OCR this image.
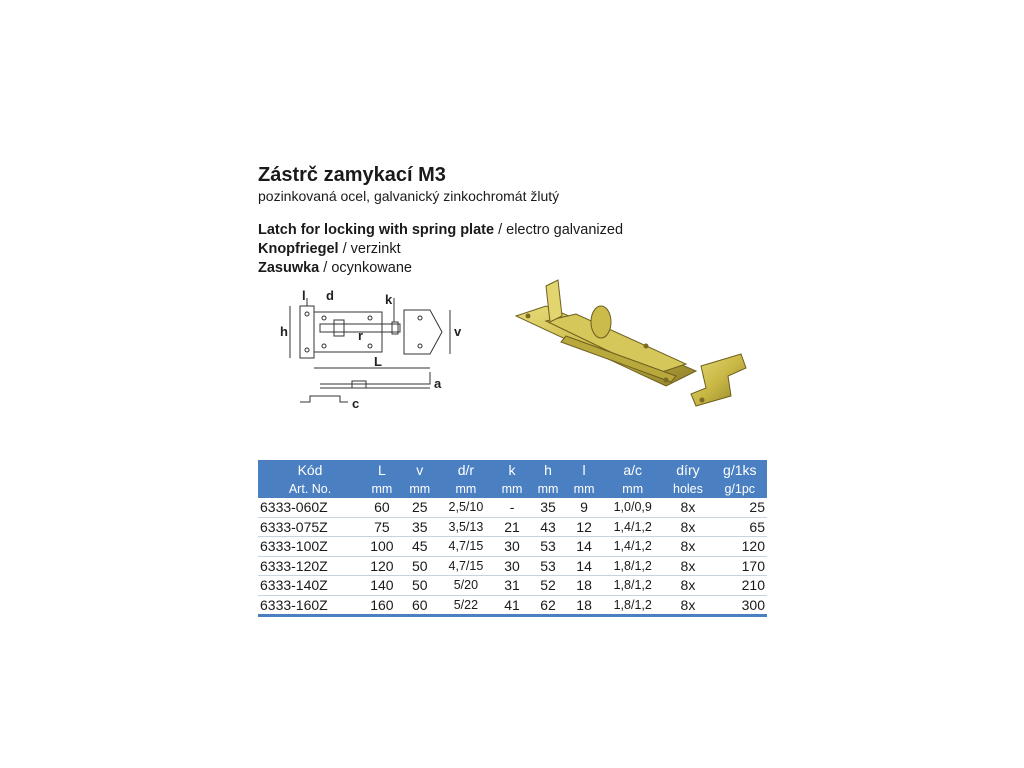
Zástrč zamykací M3

pozinkovaná ocel, galvanický zinkochromát žlutý

Latch for locking with spring plate / electro galvanized
Knopfriegel / verzinkt
Zasuwka / ocynkowane
l d	k
h	r	v
L
a
c
Kód	L	v	d/r	k	h	l	a/c	díry	g/1ks
Art. No.	mm	mm	mm	mm	mm	mm	mm	holes	g/1pc
6333-060Z	60	25	2,5/10	-	35	9	1,0/0,9	8x	25
6333-075Z	75	35	3,5/13	21	43	12	1,4/1,2	8x	65
6333-100Z	100	45	4,7/15	30	53	14	1,4/1,2	8x	120
6333-120Z	120	50	4,7/15	30	53	14	1,8/1,2	8x	170
6333-140Z	140	50	5/20	31	52	18	1,8/1,2	8x	210
6333-160Z	160	60	5/22	41	62	18	1,8/1,2	8x	300
